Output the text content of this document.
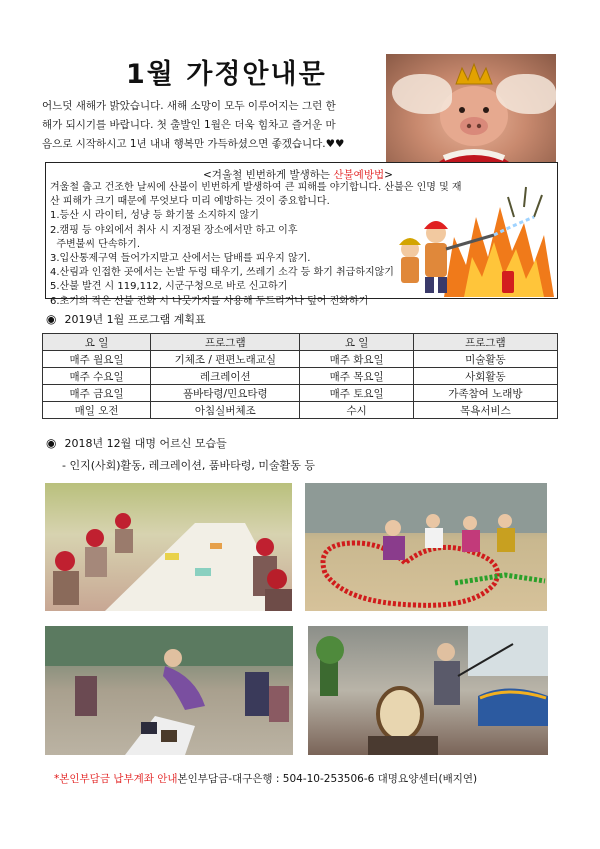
1월 가정안내문

어느덧 새해가 밝았습니다. 새해 소망이 모두 이루어지는 그런 한

해가 되시기를 바랍니다. 첫 출발인 1월은 더욱 힘차고 즐거운 마

음으로 시작하시고 1년 내내 행복만 가득하셨으면 좋겠습니다.♥♥

<겨울철 빈번하게 발생하는 산불예방법>

겨울철 춥고 건조한 날씨에 산불이 빈번하게 발생하여 큰 피해를 야기합니다. 산불은 인명 및 재

산 피해가 크기 때문에 무엇보다 미리 예방하는 것이 중요합니다.

1.등산 시 라이터, 성냥 등 화기물 소지하지 않기

2.캠핑 등 야외에서 취사 시 지정된 장소에서만 하고 이후

주변불씨 단속하기.

3.입산통제구역 들어가지말고 산에서는 담배를 피우지 않기.

4.산림과 인접한 곳에서는 논밭 두렁 태우기, 쓰레기 소각 등 화기 취급하지않기

5.산불 발견 시 119,112, 시군구청으로 바로 신고하기

6.초기의 작은 산불 진화 시 나뭇가지를 사용해 두드리거나 덮어 진화하기

◉ 2019년 1월 프로그램 계획표
요 일	프로그램	요 일	프로그램
매주 월요일	기체조 / 편편노래교실	매주 화요일	미술활동
매주 수요일	레크레이션	매주 목요일	사회활동
매주 금요일	품바타령/민요타령	매주 토요일	가족참여 노래방
매일 오전	아침실버체조	수시	목욕서비스
◉ 2018년 12월 대명 어르신 모습들
- 인지(사회)활동, 레크레이션, 품바타령, 미술활동 등
*본인부담금 납부계좌 안내본인부담금-대구은행 : 504-10-253506-6 대명요양센터(배지연)
